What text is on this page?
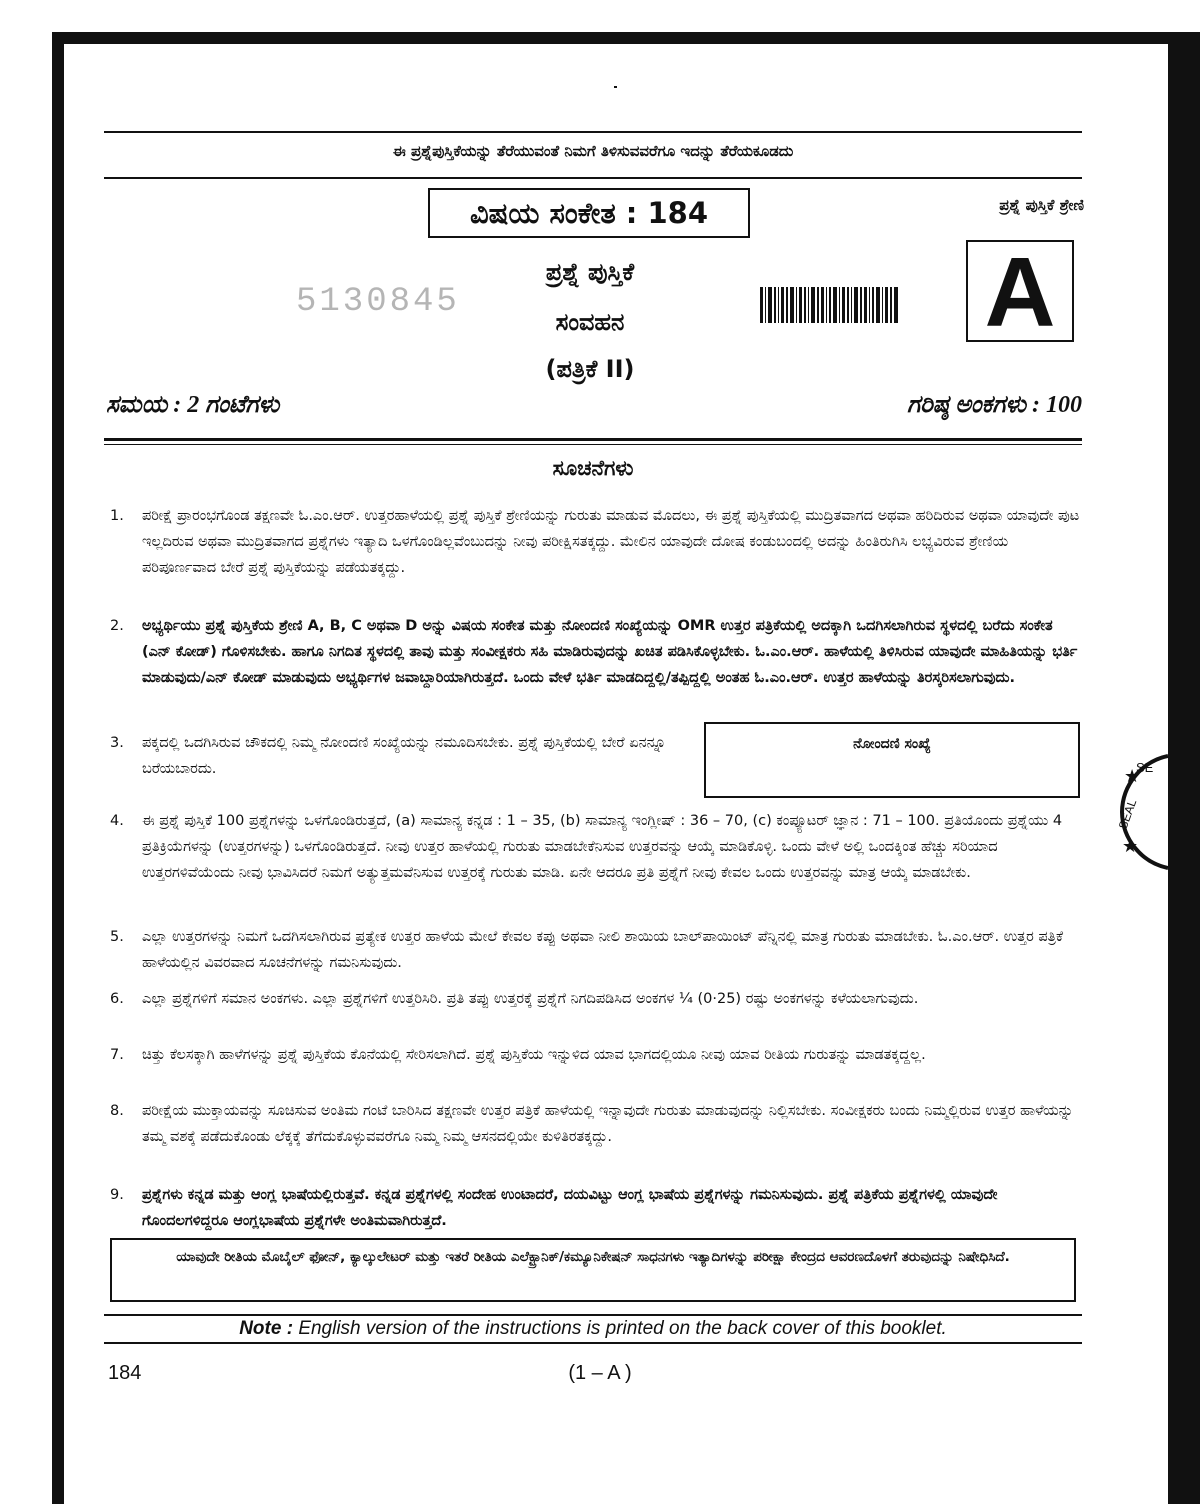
ಈ ಪ್ರಶ್ನೆಪುಸ್ತಿಕೆಯನ್ನು ತೆರೆಯುವಂತೆ ನಿಮಗೆ ತಿಳಿಸುವವರೆಗೂ ಇದನ್ನು ತೆರೆಯಕೂಡದು
ವಿಷಯ ಸಂಕೇತ : 184	ಪ್ರಶ್ನೆ ಪುಸ್ತಿಕೆ ಶ್ರೇಣಿ
A
5130845
ಪ್ರಶ್ನೆ ಪುಸ್ತಿಕೆ
ಸಂವಹನ
(ಪತ್ರಿಕೆ II)
ಸಮಯ : 2 ಗಂಟೆಗಳು	ಗರಿಷ್ಠ ಅಂಕಗಳು : 100
ಸೂಚನೆಗಳು
1.	ಪರೀಕ್ಷೆ ಪ್ರಾರಂಭಗೊಂಡ ತಕ್ಷಣವೇ ಓ.ಎಂ.ಆರ್. ಉತ್ತರಹಾಳೆಯಲ್ಲಿ ಪ್ರಶ್ನೆ ಪುಸ್ತಿಕೆ ಶ್ರೇಣಿಯನ್ನು ಗುರುತು ಮಾಡುವ ಮೊದಲು, ಈ ಪ್ರಶ್ನೆ ಪುಸ್ತಿಕೆಯಲ್ಲಿ ಮುದ್ರಿತವಾಗದ ಅಥವಾ ಹರಿದಿರುವ ಅಥವಾ ಯಾವುದೇ ಪುಟ ಇಲ್ಲದಿರುವ ಅಥವಾ ಮುದ್ರಿತವಾಗದ ಪ್ರಶ್ನೆಗಳು ಇತ್ಯಾದಿ ಒಳಗೊಂಡಿಲ್ಲವೆಂಬುದನ್ನು ನೀವು ಪರೀಕ್ಷಿಸತಕ್ಕದ್ದು. ಮೇಲಿನ ಯಾವುದೇ ದೋಷ ಕಂಡುಬಂದಲ್ಲಿ ಅದನ್ನು ಹಿಂತಿರುಗಿಸಿ ಲಭ್ಯವಿರುವ ಶ್ರೇಣಿಯ ಪರಿಪೂರ್ಣವಾದ ಬೇರೆ ಪ್ರಶ್ನೆ ಪುಸ್ತಿಕೆಯನ್ನು ಪಡೆಯತಕ್ಕದ್ದು.
2.	ಅಭ್ಯರ್ಥಿಯು ಪ್ರಶ್ನೆ ಪುಸ್ತಿಕೆಯ ಶ್ರೇಣಿ A, B, C ಅಥವಾ D ಅನ್ನು ವಿಷಯ ಸಂಕೇತ ಮತ್ತು ನೋಂದಣಿ ಸಂಖ್ಯೆಯನ್ನು OMR ಉತ್ತರ ಪತ್ರಿಕೆಯಲ್ಲಿ ಅದಕ್ಕಾಗಿ ಒದಗಿಸಲಾಗಿರುವ ಸ್ಥಳದಲ್ಲಿ ಬರೆದು ಸಂಕೇತ (ಎನ್ ಕೋಡ್) ಗೊಳಿಸಬೇಕು. ಹಾಗೂ ನಿಗದಿತ ಸ್ಥಳದಲ್ಲಿ ತಾವು ಮತ್ತು ಸಂವೀಕ್ಷಕರು ಸಹಿ ಮಾಡಿರುವುದನ್ನು ಖಚಿತ ಪಡಿಸಿಕೊಳ್ಳಬೇಕು. ಓ.ಎಂ.ಆರ್. ಹಾಳೆಯಲ್ಲಿ ತಿಳಿಸಿರುವ ಯಾವುದೇ ಮಾಹಿತಿಯನ್ನು ಭರ್ತಿ ಮಾಡುವುದು/ಎನ್ ಕೋಡ್ ಮಾಡುವುದು ಅಭ್ಯರ್ಥಿಗಳ ಜವಾಬ್ದಾರಿಯಾಗಿರುತ್ತದೆ. ಒಂದು ವೇಳೆ ಭರ್ತಿ ಮಾಡದಿದ್ದಲ್ಲಿ/ತಪ್ಪಿದ್ದಲ್ಲಿ ಅಂತಹ ಓ.ಎಂ.ಆರ್. ಉತ್ತರ ಹಾಳೆಯನ್ನು ತಿರಸ್ಕರಿಸಲಾಗುವುದು.
3.	ಪಕ್ಕದಲ್ಲಿ ಒದಗಿಸಿರುವ ಚೌಕದಲ್ಲಿ ನಿಮ್ಮ ನೋಂದಣಿ ಸಂಖ್ಯೆಯನ್ನು ನಮೂದಿಸಬೇಕು. ಪ್ರಶ್ನೆ ಪುಸ್ತಿಕೆಯಲ್ಲಿ ಬೇರೆ ಏನನ್ನೂ ಬರೆಯಬಾರದು.
ನೋಂದಣಿ ಸಂಖ್ಯೆ
4.	ಈ ಪ್ರಶ್ನೆ ಪುಸ್ತಿಕೆ 100 ಪ್ರಶ್ನೆಗಳನ್ನು ಒಳಗೊಂಡಿರುತ್ತದೆ, (a) ಸಾಮಾನ್ಯ ಕನ್ನಡ : 1 – 35, (b) ಸಾಮಾನ್ಯ ಇಂಗ್ಲೀಷ್ : 36 – 70, (c) ಕಂಪ್ಯೂಟರ್ ಜ್ಞಾನ : 71 – 100. ಪ್ರತಿಯೊಂದು ಪ್ರಶ್ನೆಯು 4 ಪ್ರತಿಕ್ರಿಯೆಗಳನ್ನು (ಉತ್ತರಗಳನ್ನು) ಒಳಗೊಂಡಿರುತ್ತದೆ. ನೀವು ಉತ್ತರ ಹಾಳೆಯಲ್ಲಿ ಗುರುತು ಮಾಡಬೇಕೆನಿಸುವ ಉತ್ತರವನ್ನು ಆಯ್ಕೆ ಮಾಡಿಕೊಳ್ಳಿ. ಒಂದು ವೇಳೆ ಅಲ್ಲಿ ಒಂದಕ್ಕಿಂತ ಹೆಚ್ಚು ಸರಿಯಾದ ಉತ್ತರಗಳಿವೆಯೆಂದು ನೀವು ಭಾವಿಸಿದರೆ ನಿಮಗೆ ಅತ್ಯುತ್ತಮವೆನಿಸುವ ಉತ್ತರಕ್ಕೆ ಗುರುತು ಮಾಡಿ. ಏನೇ ಆದರೂ ಪ್ರತಿ ಪ್ರಶ್ನೆಗೆ ನೀವು ಕೇವಲ ಒಂದು ಉತ್ತರವನ್ನು ಮಾತ್ರ ಆಯ್ಕೆ ಮಾಡಬೇಕು.
5.	ಎಲ್ಲಾ ಉತ್ತರಗಳನ್ನು ನಿಮಗೆ ಒದಗಿಸಲಾಗಿರುವ ಪ್ರತ್ಯೇಕ ಉತ್ತರ ಹಾಳೆಯ ಮೇಲೆ ಕೇವಲ ಕಪ್ಪು ಅಥವಾ ನೀಲಿ ಶಾಯಿಯ ಬಾಲ್‌ಪಾಯಿಂಟ್ ಪೆನ್ನಿನಲ್ಲಿ ಮಾತ್ರ ಗುರುತು ಮಾಡಬೇಕು. ಓ.ಎಂ.ಆರ್. ಉತ್ತರ ಪತ್ರಿಕೆ ಹಾಳೆಯಲ್ಲಿನ ವಿವರವಾದ ಸೂಚನೆಗಳನ್ನು ಗಮನಿಸುವುದು.
6.	ಎಲ್ಲಾ ಪ್ರಶ್ನೆಗಳಿಗೆ ಸಮಾನ ಅಂಕಗಳು. ಎಲ್ಲಾ ಪ್ರಶ್ನೆಗಳಿಗೆ ಉತ್ತರಿಸಿರಿ. ಪ್ರತಿ ತಪ್ಪು ಉತ್ತರಕ್ಕೆ ಪ್ರಶ್ನೆಗೆ ನಿಗದಿಪಡಿಸಿದ ಅಂಕಗಳ ¼ (0·25) ರಷ್ಟು ಅಂಕಗಳನ್ನು ಕಳೆಯಲಾಗುವುದು.
7.	ಚಿತ್ತು ಕೆಲಸಕ್ಕಾಗಿ ಹಾಳೆಗಳನ್ನು ಪ್ರಶ್ನೆ ಪುಸ್ತಿಕೆಯ ಕೊನೆಯಲ್ಲಿ ಸೇರಿಸಲಾಗಿದೆ. ಪ್ರಶ್ನೆ ಪುಸ್ತಿಕೆಯ ಇನ್ನುಳಿದ ಯಾವ ಭಾಗದಲ್ಲಿಯೂ ನೀವು ಯಾವ ರೀತಿಯ ಗುರುತನ್ನು ಮಾಡತಕ್ಕದ್ದಲ್ಲ.
8.	ಪರೀಕ್ಷೆಯ ಮುಕ್ತಾಯವನ್ನು ಸೂಚಿಸುವ ಅಂತಿಮ ಗಂಟೆ ಬಾರಿಸಿದ ತಕ್ಷಣವೇ ಉತ್ತರ ಪತ್ರಿಕೆ ಹಾಳೆಯಲ್ಲಿ ಇನ್ನಾವುದೇ ಗುರುತು ಮಾಡುವುದನ್ನು ನಿಲ್ಲಿಸಬೇಕು. ಸಂವೀಕ್ಷಕರು ಬಂದು ನಿಮ್ಮಲ್ಲಿರುವ ಉತ್ತರ ಹಾಳೆಯನ್ನು ತಮ್ಮ ವಶಕ್ಕೆ ಪಡೆದುಕೊಂಡು ಲೆಕ್ಕಕ್ಕೆ ತೆಗೆದುಕೊಳ್ಳುವವರೆಗೂ ನಿಮ್ಮ ನಿಮ್ಮ ಆಸನದಲ್ಲಿಯೇ ಕುಳಿತಿರತಕ್ಕದ್ದು.
9.	ಪ್ರಶ್ನೆಗಳು ಕನ್ನಡ ಮತ್ತು ಆಂಗ್ಲ ಭಾಷೆಯಲ್ಲಿರುತ್ತವೆ. ಕನ್ನಡ ಪ್ರಶ್ನೆಗಳಲ್ಲಿ ಸಂದೇಹ ಉಂಟಾದರೆ, ದಯವಿಟ್ಟು ಆಂಗ್ಲ ಭಾಷೆಯ ಪ್ರಶ್ನೆಗಳನ್ನು ಗಮನಿಸುವುದು. ಪ್ರಶ್ನೆ ಪತ್ರಿಕೆಯ ಪ್ರಶ್ನೆಗಳಲ್ಲಿ ಯಾವುದೇ ಗೊಂದಲಗಳಿದ್ದರೂ ಆಂಗ್ಲಭಾಷೆಯ ಪ್ರಶ್ನೆಗಳೇ ಅಂತಿಮವಾಗಿರುತ್ತದೆ.
ಯಾವುದೇ ರೀತಿಯ ಮೊಬೈಲ್ ಫೋನ್, ಕ್ಯಾಲ್ಕುಲೇಟರ್ ಮತ್ತು ಇತರೆ ರೀತಿಯ ಎಲೆಕ್ಟ್ರಾನಿಕ್/ಕಮ್ಯೂನಿಕೇಷನ್ ಸಾಧನಗಳು ಇತ್ಯಾದಿಗಳನ್ನು ಪರೀಕ್ಷಾ ಕೇಂದ್ರದ ಆವರಣದೊಳಗೆ ತರುವುದನ್ನು ನಿಷೇಧಿಸಿದೆ.
Note : English version of the instructions is printed on the back cover of this booklet.
184	(1 – A )
SE
SEAL
★
★
